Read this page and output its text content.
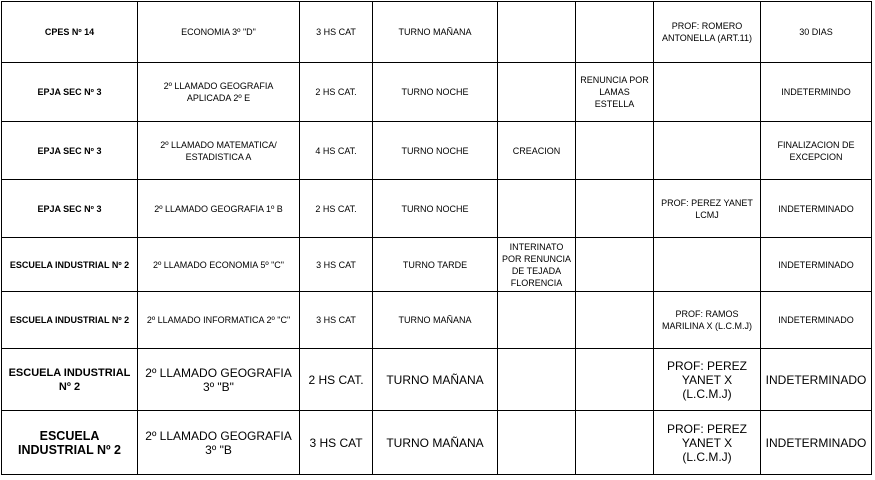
CPES Nº 14	ECONOMIA 3º "D"	3 HS CAT	TURNO MAÑANA			PROF: ROMERO ANTONELLA (ART.11)	30 DIAS
EPJA SEC Nº 3	2º LLAMADO GEOGRAFIA APLICADA 2º E	2 HS CAT.	TURNO NOCHE		RENUNCIA POR LAMAS ESTELLA		INDETERMINDO
EPJA SEC Nº 3	2º LLAMADO MATEMATICA/ ESTADISTICA A	4 HS CAT.	TURNO NOCHE	CREACION			FINALIZACION DE EXCEPCION
EPJA SEC Nº 3	2º LLAMADO GEOGRAFIA 1º B	2 HS CAT.	TURNO NOCHE			PROF: PEREZ YANET LCMJ	INDETERMINADO
ESCUELA INDUSTRIAL Nº 2	2º LLAMADO ECONOMIA 5º "C"	3 HS CAT	TURNO TARDE	INTERINATO POR RENUNCIA DE TEJADA FLORENCIA			INDETERMINADO
ESCUELA INDUSTRIAL Nº 2	2º LLAMADO INFORMATICA 2º "C"	3 HS CAT	TURNO MAÑANA			PROF: RAMOS MARILINA X (L.C.M.J)	INDETERMINADO
ESCUELA INDUSTRIAL Nº 2	2º LLAMADO GEOGRAFIA 3º "B"	2 HS CAT.	TURNO MAÑANA			PROF: PEREZ YANET X (L.C.M.J)	INDETERMINADO
ESCUELA INDUSTRIAL Nº 2	2º LLAMADO GEOGRAFIA 3º "B	3 HS CAT	TURNO MAÑANA			PROF: PEREZ YANET X (L.C.M.J)	INDETERMINADO
